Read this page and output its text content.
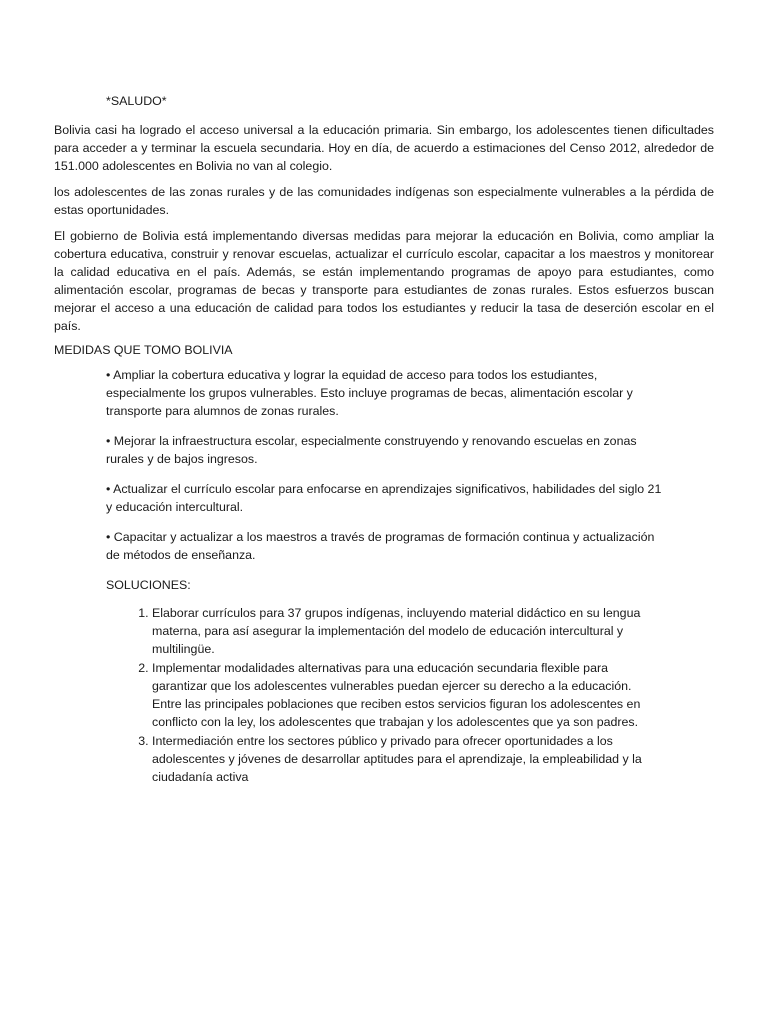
*SALUDO*

Bolivia casi ha logrado el acceso universal a la educación primaria. Sin embargo, los adolescentes tienen dificultades para acceder a y terminar la escuela secundaria. Hoy en día, de acuerdo a estimaciones del Censo 2012, alrededor de 151.000 adolescentes en Bolivia no van al colegio.

los adolescentes de las zonas rurales y de las comunidades indígenas son especialmente vulnerables a la pérdida de estas oportunidades.

El gobierno de Bolivia está implementando diversas medidas para mejorar la educación en Bolivia, como ampliar la cobertura educativa, construir y renovar escuelas, actualizar el currículo escolar, capacitar a los maestros y monitorear la calidad educativa en el país. Además, se están implementando programas de apoyo para estudiantes, como alimentación escolar, programas de becas y transporte para estudiantes de zonas rurales. Estos esfuerzos buscan mejorar el acceso a una educación de calidad para todos los estudiantes y reducir la tasa de deserción escolar en el país.

MEDIDAS QUE TOMO BOLIVIA

• Ampliar la cobertura educativa y lograr la equidad de acceso para todos los estudiantes, especialmente los grupos vulnerables. Esto incluye programas de becas, alimentación escolar y transporte para alumnos de zonas rurales.

• Mejorar la infraestructura escolar, especialmente construyendo y renovando escuelas en zonas rurales y de bajos ingresos.

• Actualizar el currículo escolar para enfocarse en aprendizajes significativos, habilidades del siglo 21 y educación intercultural.

• Capacitar y actualizar a los maestros a través de programas de formación continua y actualización de métodos de enseñanza.

SOLUCIONES:

1. Elaborar currículos para 37 grupos indígenas, incluyendo material didáctico en su lengua materna, para así asegurar la implementación del modelo de educación intercultural y multilingüe.
2. Implementar modalidades alternativas para una educación secundaria flexible para garantizar que los adolescentes vulnerables puedan ejercer su derecho a la educación. Entre las principales poblaciones que reciben estos servicios figuran los adolescentes en conflicto con la ley, los adolescentes que trabajan y los adolescentes que ya son padres.
3. Intermediación entre los sectores público y privado para ofrecer oportunidades a los adolescentes y jóvenes de desarrollar aptitudes para el aprendizaje, la empleabilidad y la ciudadanía activa
